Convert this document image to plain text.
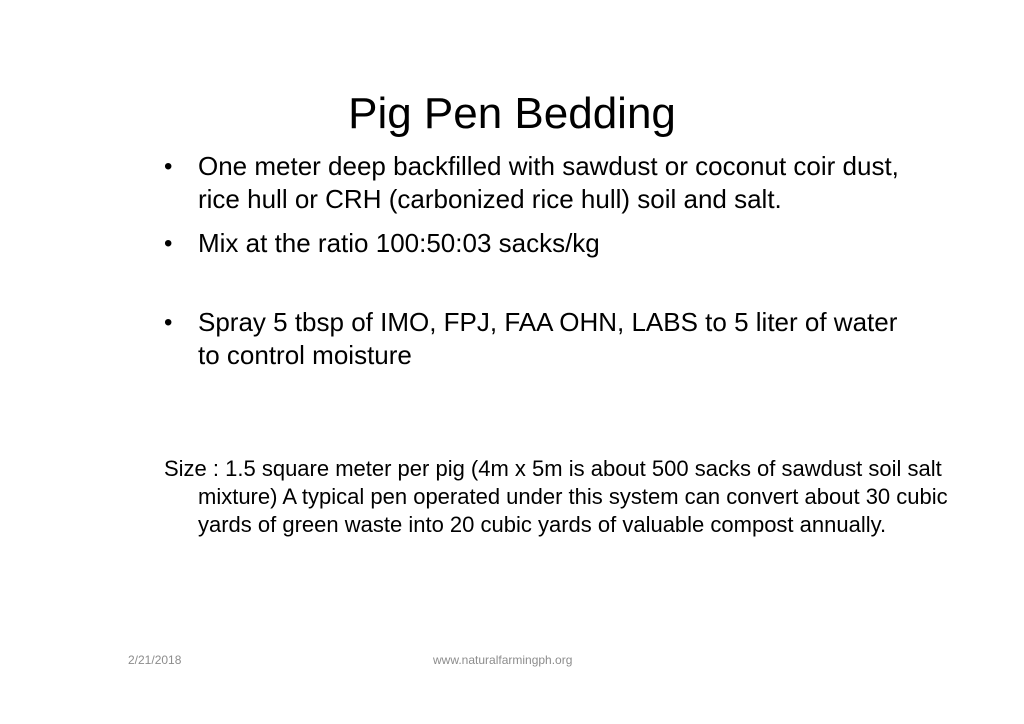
Pig Pen Bedding
• One meter deep backfilled with sawdust or coconut coir dust, rice hull or CRH (carbonized rice hull) soil and salt.
• Mix at the ratio 100:50:03 sacks/kg
• Spray 5 tbsp of IMO, FPJ, FAA OHN, LABS to 5 liter of water to control moisture

Size : 1.5 square meter per pig (4m x 5m is about 500 sacks of sawdust soil salt mixture) A typical pen operated under this system can convert about 30 cubic yards of green waste into 20 cubic yards of valuable compost annually.

2/21/2018	www.naturalfarmingph.org
